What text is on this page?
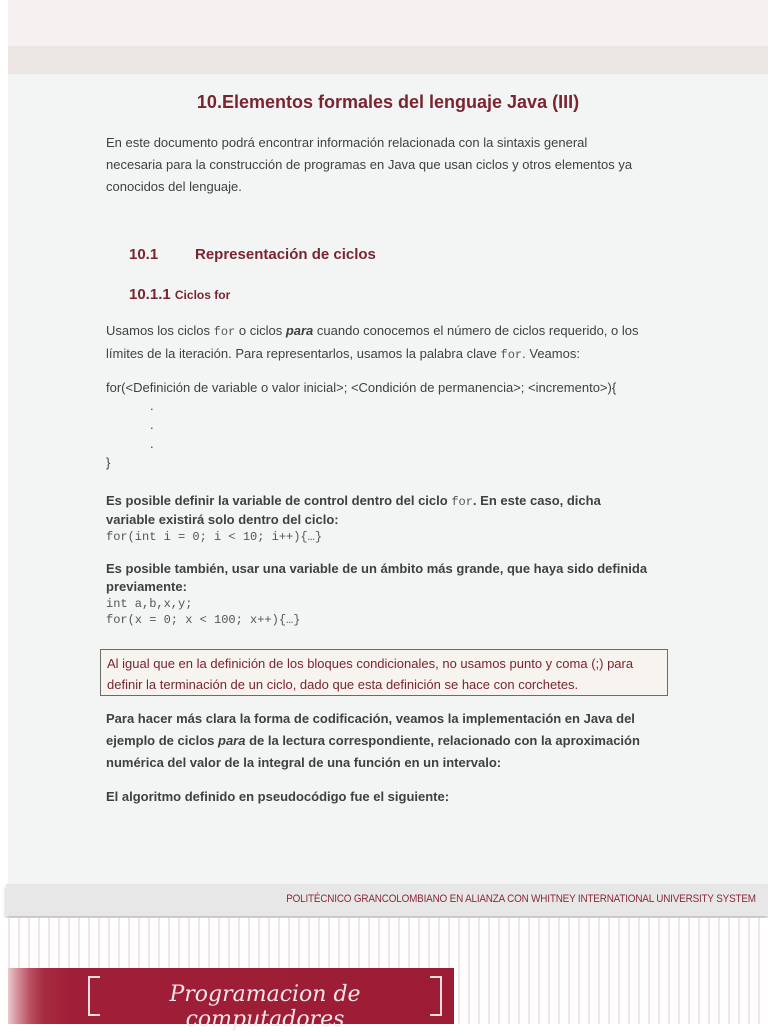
10.Elementos formales del lenguaje Java (III)

En este documento podrá encontrar información relacionada con la sintaxis general necesaria para la construcción de programas en Java que usan ciclos y otros elementos ya conocidos del lenguaje.

10.1 Representación de ciclos
10.1.1 Ciclos for

Usamos los ciclos for o ciclos para cuando conocemos el número de ciclos requerido, o los límites de la iteración. Para representarlos, usamos la palabra clave for. Veamos:

for(<Definición de variable o valor inicial>; <Condición de permanencia>; <incremento>){

.
.
.
}

Es posible definir la variable de control dentro del ciclo for. En este caso, dicha variable existirá solo dentro del ciclo:

for(int i = 0; i < 10; i++){…}

Es posible también, usar una variable de un ámbito más grande, que haya sido definida previamente:

int a,b,x,y;
for(x = 0; x < 100; x++){…}
Al igual que en la definición de los bloques condicionales, no usamos punto y coma (;) para definir la terminación de un ciclo, dado que esta definición se hace con corchetes.

Para hacer más clara la forma de codificación, veamos la implementación en Java del ejemplo de ciclos para de la lectura correspondiente, relacionado con la aproximación numérica del valor de la integral de una función en un intervalo:

El algoritmo definido en pseudocódigo fue el siguiente:

POLITÉCNICO GRANCOLOMBIANO EN ALIANZA CON WHITNEY INTERNATIONAL UNIVERSITY SYSTEM
Programacion de computadores
